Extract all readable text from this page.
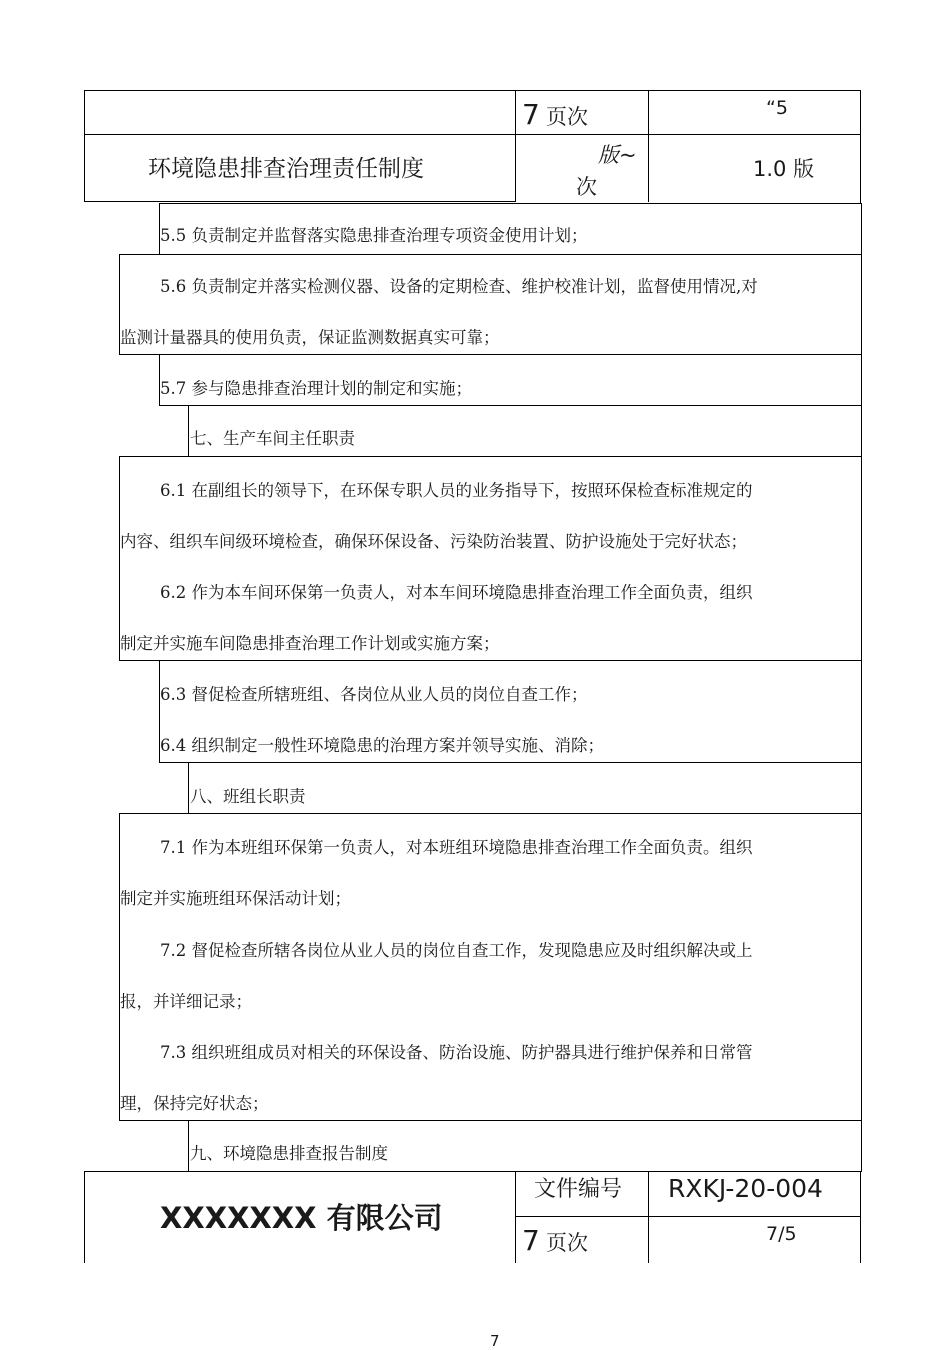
7 页次	“5
环境隐患排查治理责任制度
版~
次
1.0 版
5.5 负责制定并监督落实隐患排查治理专项资金使用计划；
5.6 负责制定并落实检测仪器、设备的定期检查、维护校准计划，监督使用情况,对
监测计量器具的使用负责，保证监测数据真实可靠；
5.7 参与隐患排查治理计划的制定和实施；
七、生产车间主任职责
6.1 在副组长的领导下，在环保专职人员的业务指导下，按照环保检查标准规定的
内容、组织车间级环境检查，确保环保设备、污染防治装置、防护设施处于完好状态；
6.2 作为本车间环保第一负责人，对本车间环境隐患排查治理工作全面负责，组织
制定并实施车间隐患排查治理工作计划或实施方案；
6.3 督促检查所辖班组、各岗位从业人员的岗位自查工作；
6.4 组织制定一般性环境隐患的治理方案并领导实施、消除；
八、班组长职责
7.1 作为本班组环保第一负责人，对本班组环境隐患排查治理工作全面负责。组织
制定并实施班组环保活动计划；
7.2 督促检查所辖各岗位从业人员的岗位自查工作，发现隐患应及时组织解决或上
报，并详细记录；
7.3 组织班组成员对相关的环保设备、防治设施、防护器具进行维护保养和日常管
理，保持完好状态；
九、环境隐患排查报告制度
XXXXXXX 有限公司
文件编号 RXKJ-20-004
7 页次	7/5
7
